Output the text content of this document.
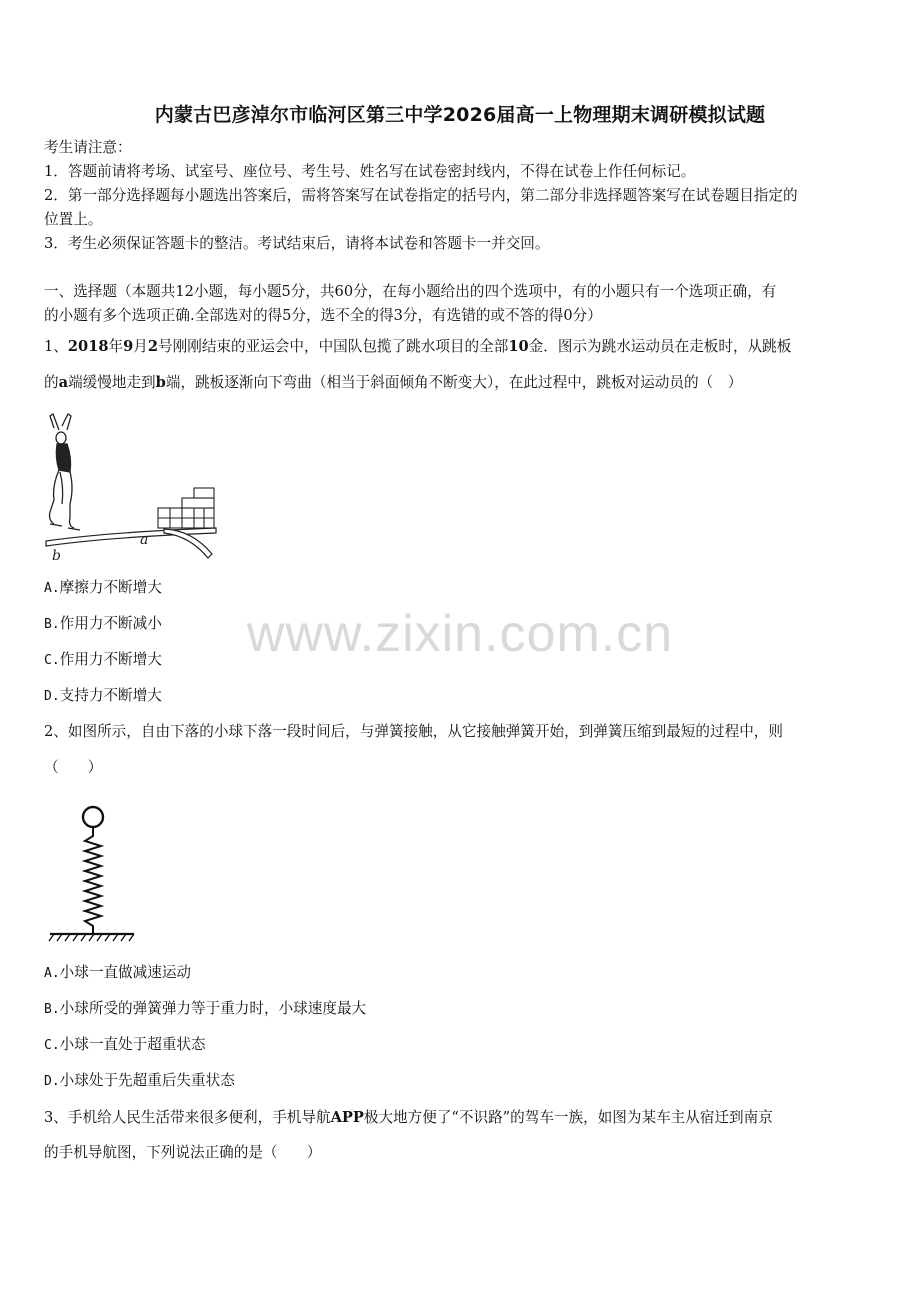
内蒙古巴彦淖尔市临河区第三中学2026届高一上物理期末调研模拟试题
考生请注意：
1．答题前请将考场、试室号、座位号、考生号、姓名写在试卷密封线内，不得在试卷上作任何标记。
2．第一部分选择题每小题选出答案后，需将答案写在试卷指定的括号内，第二部分非选择题答案写在试卷题目指定的
位置上。
3．考生必须保证答题卡的整洁。考试结束后，请将本试卷和答题卡一并交回。
一、选择题（本题共12小题，每小题5分，共60分，在每小题给出的四个选项中，有的小题只有一个选项正确，有
的小题有多个选项正确.全部选对的得5分，选不全的得3分，有选错的或不答的得0分）
1、2018年9月2号刚刚结束的亚运会中，中国队包揽了跳水项目的全部10金．图示为跳水运动员在走板时，从跳板
的a端缓慢地走到b端，跳板逐渐向下弯曲（相当于斜面倾角不断变大），在此过程中，跳板对运动员的（　）
a
b
A.摩擦力不断增大
B.作用力不断减小
C.作用力不断增大
D.支持力不断增大
2、如图所示，自由下落的小球下落一段时间后，与弹簧接触，从它接触弹簧开始，到弹簧压缩到最短的过程中，则
（　　）
A.小球一直做减速运动
B.小球所受的弹簧弹力等于重力时，小球速度最大
C.小球一直处于超重状态
D.小球处于先超重后失重状态
3、手机给人民生活带来很多便利，手机导航APP极大地方便了“不识路”的驾车一族，如图为某车主从宿迁到南京
的手机导航图，下列说法正确的是（　　）
www.zixin.com.cn
